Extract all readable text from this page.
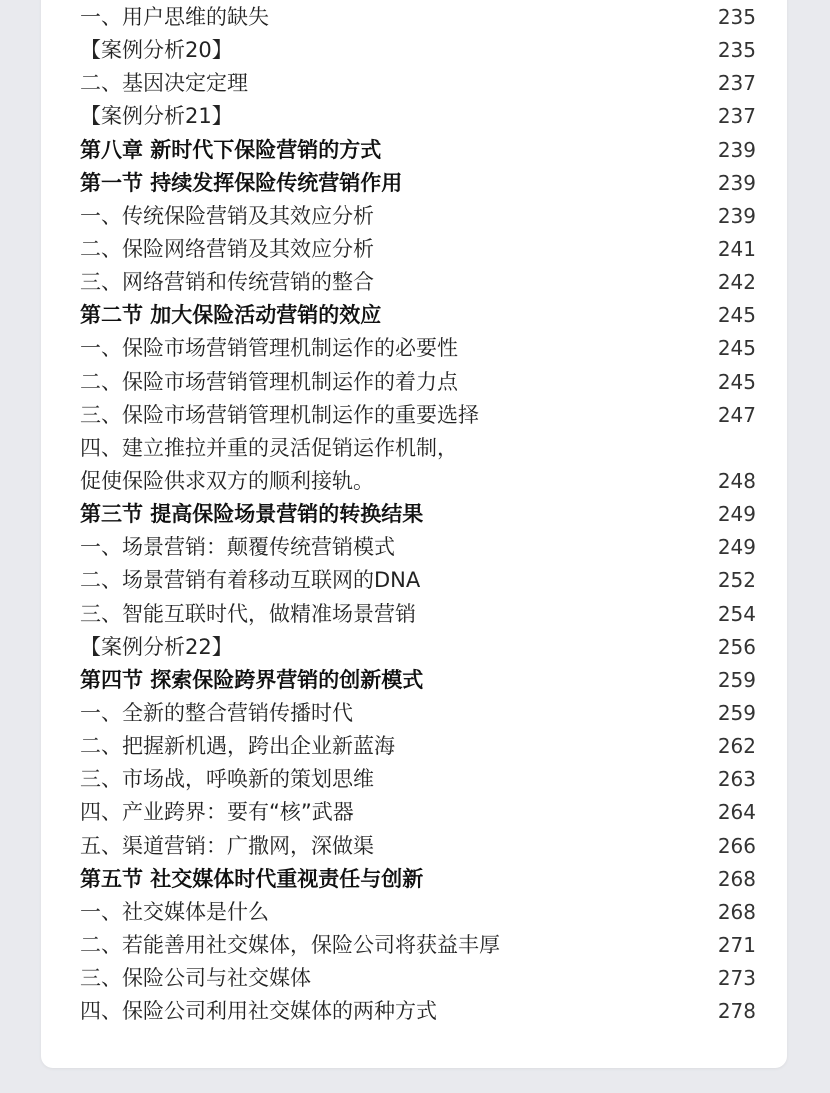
一、用户思维的缺失	235
【案例分析20】	235
二、基因决定定理	237
【案例分析21】	237
第八章 新时代下保险营销的方式	239
第一节 持续发挥保险传统营销作用	239
一、传统保险营销及其效应分析	239
二、保险网络营销及其效应分析	241
三、网络营销和传统营销的整合	242
第二节 加大保险活动营销的效应	245
一、保险市场营销管理机制运作的必要性	245
二、保险市场营销管理机制运作的着力点	245
三、保险市场营销管理机制运作的重要选择	247
四、建立推拉并重的灵活促销运作机制，
促使保险供求双方的顺利接轨。	248
第三节 提高保险场景营销的转换结果	249
一、场景营销：颠覆传统营销模式	249
二、场景营销有着移动互联网的DNA	252
三、智能互联时代，做精准场景营销	254
【案例分析22】	256
第四节 探索保险跨界营销的创新模式	259
一、全新的整合营销传播时代	259
二、把握新机遇，跨出企业新蓝海	262
三、市场战，呼唤新的策划思维	263
四、产业跨界：要有“核”武器	264
五、渠道营销：广撒网，深做渠	266
第五节 社交媒体时代重视责任与创新	268
一、社交媒体是什么	268
二、若能善用社交媒体，保险公司将获益丰厚	271
三、保险公司与社交媒体	273
四、保险公司利用社交媒体的两种方式	278
